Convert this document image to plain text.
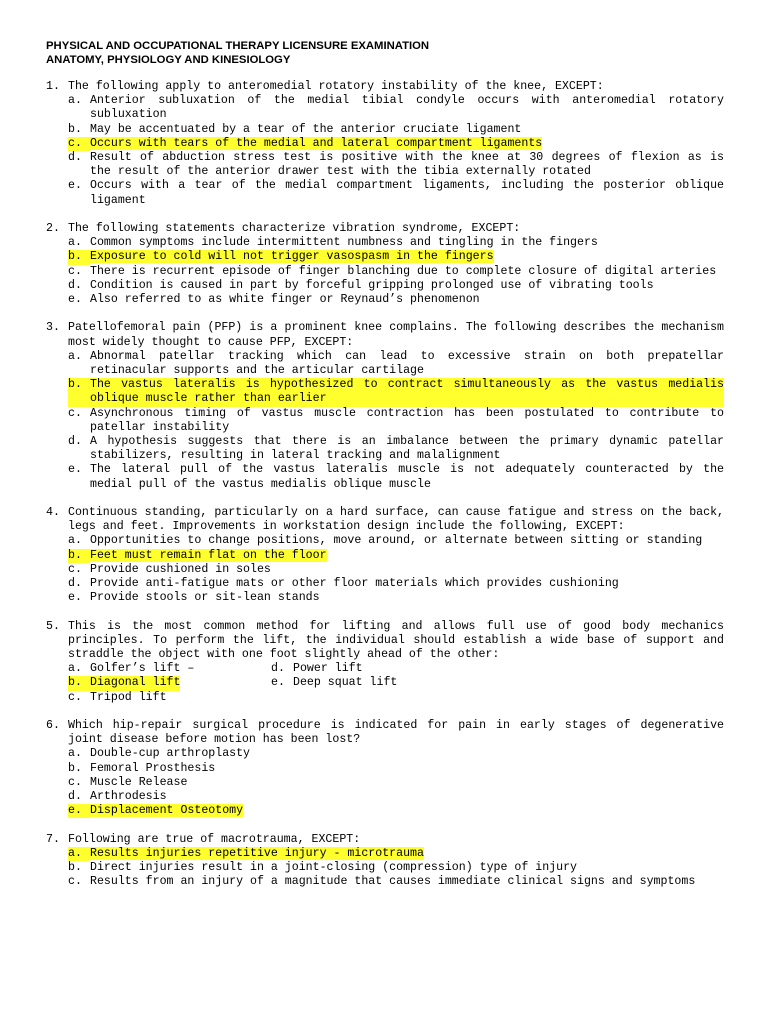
PHYSICAL AND OCCUPATIONAL THERAPY LICENSURE EXAMINATION
ANATOMY, PHYSIOLOGY AND KINESIOLOGY
1. The following apply to anteromedial rotatory instability of the knee, EXCEPT:
a. Anterior subluxation of the medial tibial condyle occurs with anteromedial rotatory subluxation
b. May be accentuated by a tear of the anterior cruciate ligament
c. Occurs with tears of the medial and lateral compartment ligaments
d. Result of abduction stress test is positive with the knee at 30 degrees of flexion as is the result of the anterior drawer test with the tibia externally rotated
e. Occurs with a tear of the medial compartment ligaments, including the posterior oblique ligament
2. The following statements characterize vibration syndrome, EXCEPT:
a. Common symptoms include intermittent numbness and tingling in the fingers
b. Exposure to cold will not trigger vasospasm in the fingers
c. There is recurrent episode of finger blanching due to complete closure of digital arteries
d. Condition is caused in part by forceful gripping prolonged use of vibrating tools
e. Also referred to as white finger or Reynaud’s phenomenon
3. Patellofemoral pain (PFP) is a prominent knee complains. The following describes the mechanism most widely thought to cause PFP, EXCEPT:
a. Abnormal patellar tracking which can lead to excessive strain on both prepatellar retinacular supports and the articular cartilage
b. The vastus lateralis is hypothesized to contract simultaneously as the vastus medialis oblique muscle rather than earlier
c. Asynchronous timing of vastus muscle contraction has been postulated to contribute to patellar instability
d. A hypothesis suggests that there is an imbalance between the primary dynamic patellar stabilizers, resulting in lateral tracking and malalignment
e. The lateral pull of the vastus lateralis muscle is not adequately counteracted by the medial pull of the vastus medialis oblique muscle
4. Continuous standing, particularly on a hard surface, can cause fatigue and stress on the back, legs and feet. Improvements in workstation design include the following, EXCEPT:
a. Opportunities to change positions, move around, or alternate between sitting or standing
b. Feet must remain flat on the floor
c. Provide cushioned in soles
d. Provide anti-fatigue mats or other floor materials which provides cushioning
e. Provide stools or sit-lean stands
5. This is the most common method for lifting and allows full use of good body mechanics principles. To perform the lift, the individual should establish a wide base of support and straddle the object with one foot slightly ahead of the other:
a. Golfer’s lift –	d. Power lift
b. Diagonal lift	e. Deep squat lift
c. Tripod lift
6. Which hip-repair surgical procedure is indicated for pain in early stages of degenerative joint disease before motion has been lost?
a. Double-cup arthroplasty
b. Femoral Prosthesis
c. Muscle Release
d. Arthrodesis
e. Displacement Osteotomy
7. Following are true of macrotrauma, EXCEPT:
a. Results injuries repetitive injury - microtrauma
b. Direct injuries result in a joint-closing (compression) type of injury
c. Results from an injury of a magnitude that causes immediate clinical signs and symptoms
